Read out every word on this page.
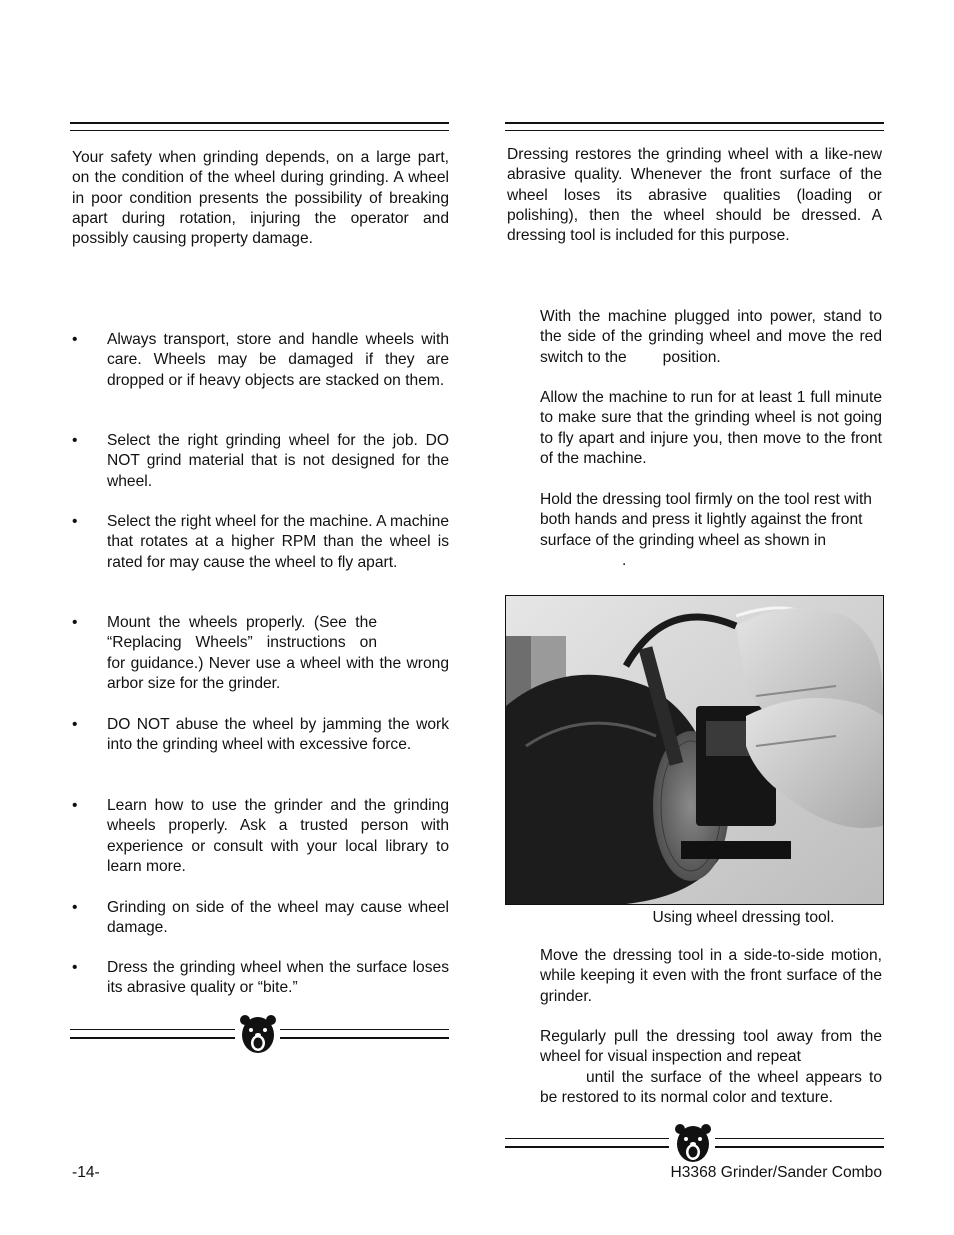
Your safety when grinding depends, on a large part, on the condition of the wheel during grinding. A wheel in poor condition presents the possibility of breaking apart during rotation, injuring the operator and possibly causing property damage.

• Always transport, store and handle wheels with care. Wheels may be damaged if they are dropped or if heavy objects are stacked on them.
• Select the right grinding wheel for the job. DO NOT grind material that is not designed for the wheel.
• Select the right wheel for the machine. A machine that rotates at a higher RPM than the wheel is rated for may cause the wheel to fly apart.
• Mount the wheels properly. (See the “Replacing Wheels” instructions on
for guidance.) Never use a wheel with the wrong arbor size for the grinder.
• DO NOT abuse the wheel by jamming the work into the grinding wheel with excessive force.
• Learn how to use the grinder and the grinding wheels properly. Ask a trusted person with experience or consult with your local library to learn more.
• Grinding on side of the wheel may cause wheel damage.
• Dress the grinding wheel when the surface loses its abrasive quality or “bite.”

Dressing restores the grinding wheel with a like-new abrasive quality. Whenever the front surface of the wheel loses its abrasive qualities (loading or polishing), then the wheel should be dressed. A dressing tool is included for this purpose.

With the machine plugged into power, stand to the side of the grinding wheel and move the red switch to the position.

Allow the machine to run for at least 1 full minute to make sure that the grinding wheel is not going to fly apart and injure you, then move to the front of the machine.

Hold the dressing tool firmly on the tool rest with both hands and press it lightly against the front surface of the grinding wheel as shown in.

Using wheel dressing tool.

Move the dressing tool in a side-to-side motion, while keeping it even with the front surface of the grinder.

Regularly pull the dressing tool away from the wheel for visual inspection and repeat
until the surface of the wheel appears to be restored to its normal color and texture.

-14-	H3368 Grinder/Sander Combo
